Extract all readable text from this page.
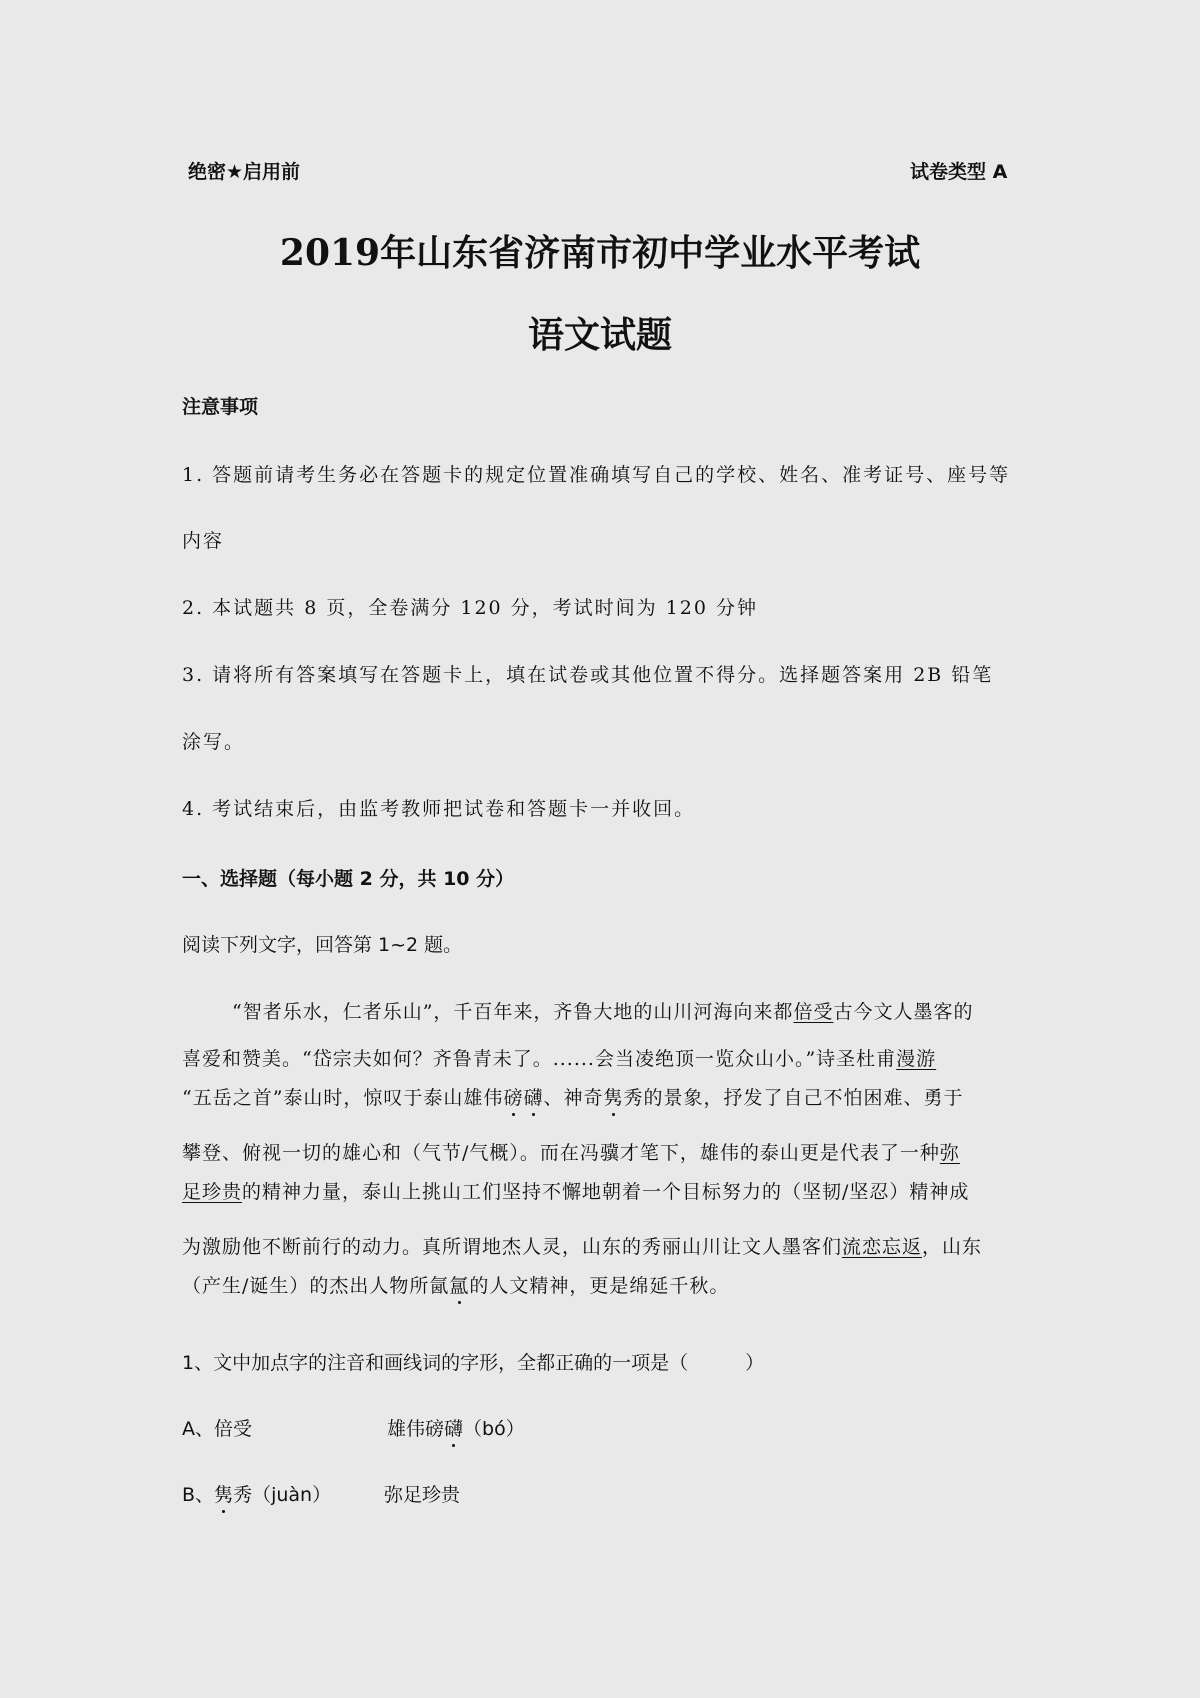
绝密★启用前	试卷类型 A
2019年山东省济南市初中学业水平考试
语文试题
注意事项
1. 答题前请考生务必在答题卡的规定位置准确填写自己的学校、姓名、准考证号、座号等
内容
2. 本试题共 8 页，全卷满分 120 分，考试时间为 120 分钟
3. 请将所有答案填写在答题卡上，填在试卷或其他位置不得分。选择题答案用 2B 铅笔
涂写。
4. 考试结束后，由监考教师把试卷和答题卡一并收回。
一、选择题（每小题 2 分，共 10 分）
阅读下列文字，回答第 1~2 题。
“智者乐水，仁者乐山”，千百年来，齐鲁大地的山川河海向来都倍受古今文人墨客的
喜爱和赞美。“岱宗夫如何？齐鲁青未了。......会当凌绝顶一览众山小。”诗圣杜甫漫游
“五岳之首”泰山时，惊叹于泰山雄伟磅礴、神奇隽秀的景象，抒发了自己不怕困难、勇于
攀登、俯视一切的雄心和（气节/气概）。而在冯骥才笔下，雄伟的泰山更是代表了一种弥
足珍贵的精神力量，泰山上挑山工们坚持不懈地朝着一个目标努力的（坚韧/坚忍）精神成
为激励他不断前行的动力。真所谓地杰人灵，山东的秀丽山川让文人墨客们流恋忘返，山东
（产生/诞生）的杰出人物所氤氲的人文精神，更是绵延千秋。
1、文中加点字的注音和画线词的字形，全都正确的一项是（　　　）
A、倍受	雄伟磅礴（bó）
B、隽秀（juàn）	弥足珍贵
